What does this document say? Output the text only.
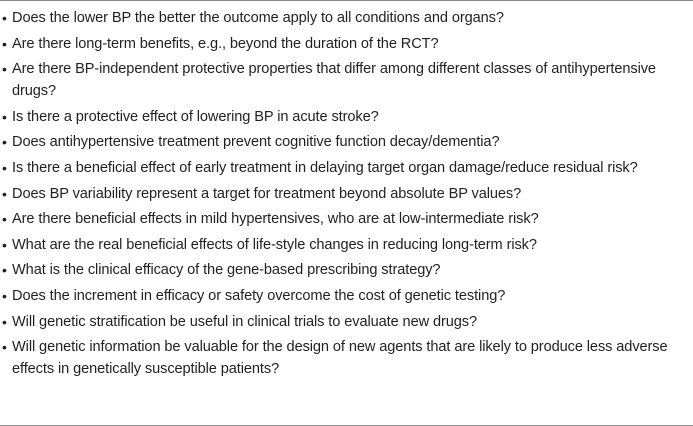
• Does the lower BP the better the outcome apply to all conditions and organs?
• Are there long-term benefits, e.g., beyond the duration of the RCT?
• Are there BP-independent protective properties that differ among different classes of antihypertensive drugs?
• Is there a protective effect of lowering BP in acute stroke?
• Does antihypertensive treatment prevent cognitive function decay/dementia?
• Is there a beneficial effect of early treatment in delaying target organ damage/reduce residual risk?
• Does BP variability represent a target for treatment beyond absolute BP values?
• Are there beneficial effects in mild hypertensives, who are at low-intermediate risk?
• What are the real beneficial effects of life-style changes in reducing long-term risk?
• What is the clinical efficacy of the gene-based prescribing strategy?
• Does the increment in efficacy or safety overcome the cost of genetic testing?
• Will genetic stratification be useful in clinical trials to evaluate new drugs?
• Will genetic information be valuable for the design of new agents that are likely to produce less adverse effects in genetically susceptible patients?
